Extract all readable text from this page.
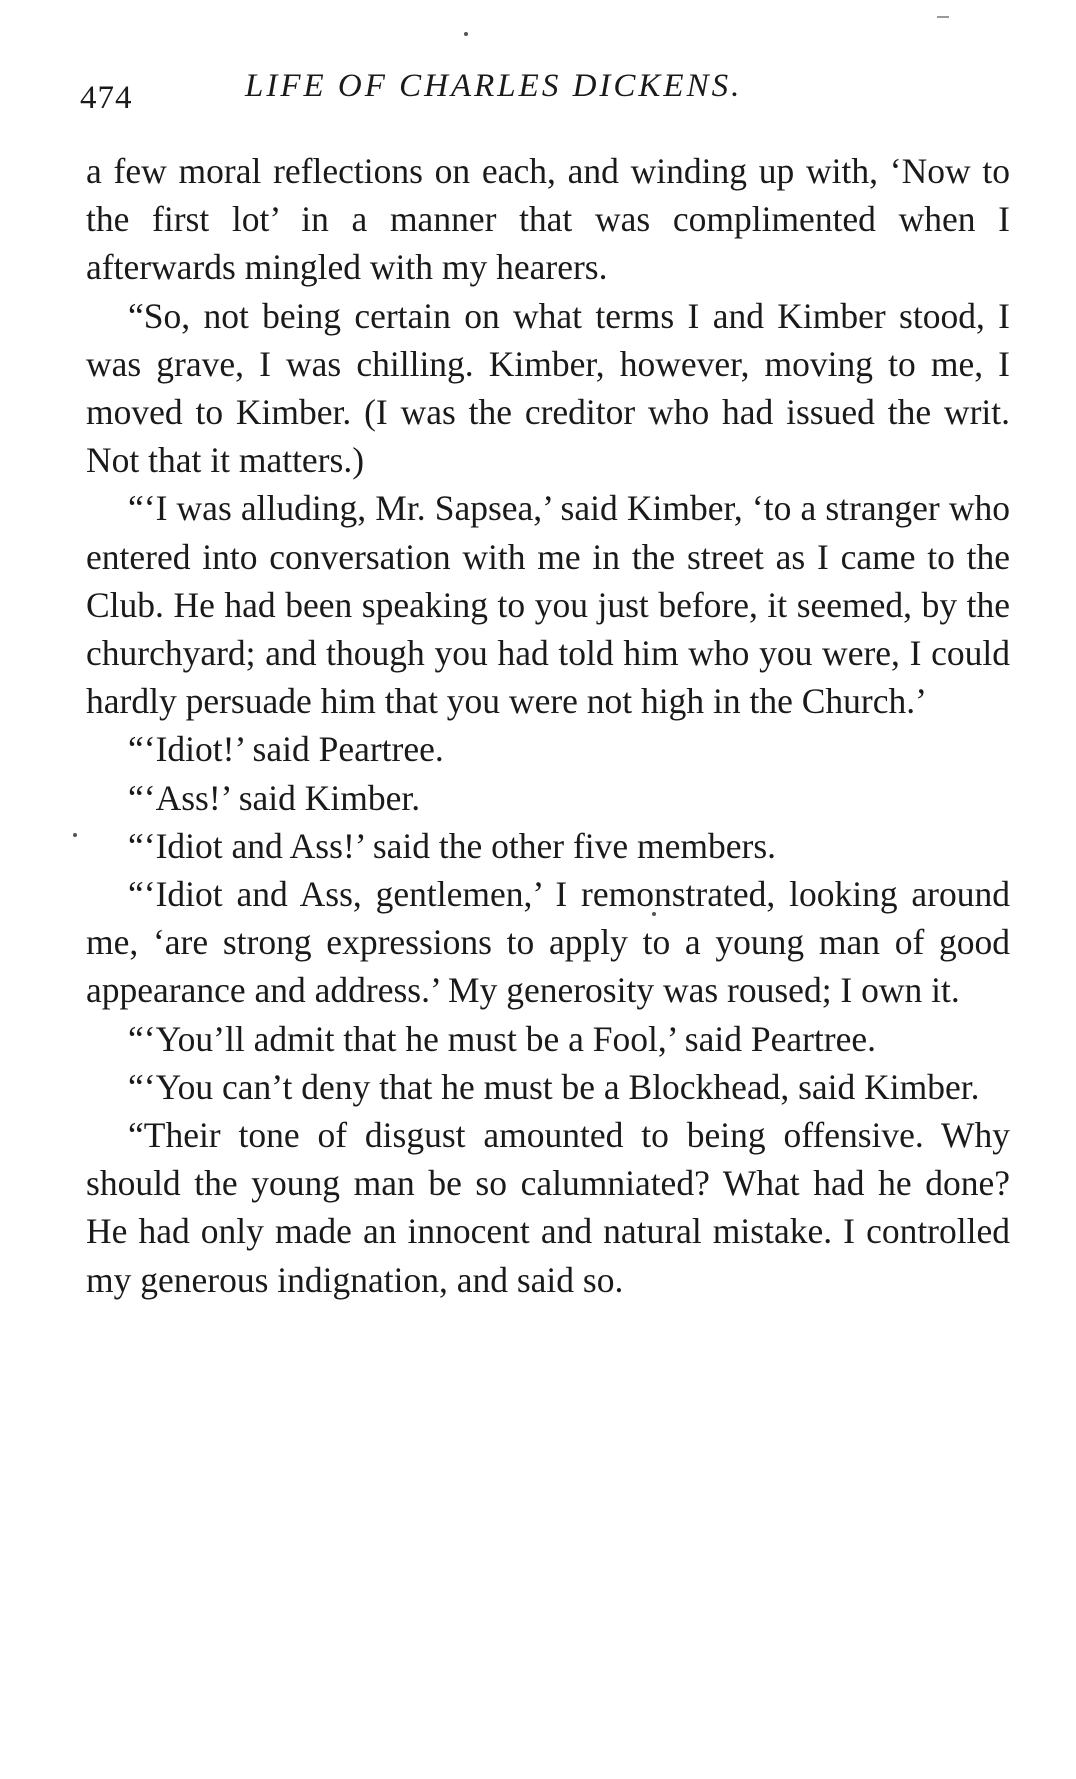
474	LIFE OF CHARLES DICKENS.

a few moral reflections on each, and winding up with, ‘Now to the first lot’ in a manner that was complimented when I afterwards mingled with my hearers.

“So, not being certain on what terms I and Kimber stood, I was grave, I was chilling. Kimber, however, moving to me, I moved to Kimber. (I was the creditor who had issued the writ. Not that it matters.)

“‘I was alluding, Mr. Sapsea,’ said Kimber, ‘to a stranger who entered into conversation with me in the street as I came to the Club. He had been speaking to you just before, it seemed, by the churchyard; and though you had told him who you were, I could hardly persuade him that you were not high in the Church.’

“‘Idiot!’ said Peartree.

“‘Ass!’ said Kimber.

“‘Idiot and Ass!’ said the other five members.

“‘Idiot and Ass, gentlemen,’ I remonstrated, looking around me, ‘are strong expressions to apply to a young man of good appearance and address.’ My generosity was roused; I own it.

“‘You’ll admit that he must be a Fool,’ said Peartree.

“‘You can’t deny that he must be a Blockhead, said Kimber.

“Their tone of disgust amounted to being offensive. Why should the young man be so calumniated? What had he done? He had only made an innocent and natural mistake. I controlled my generous indignation, and said so.
